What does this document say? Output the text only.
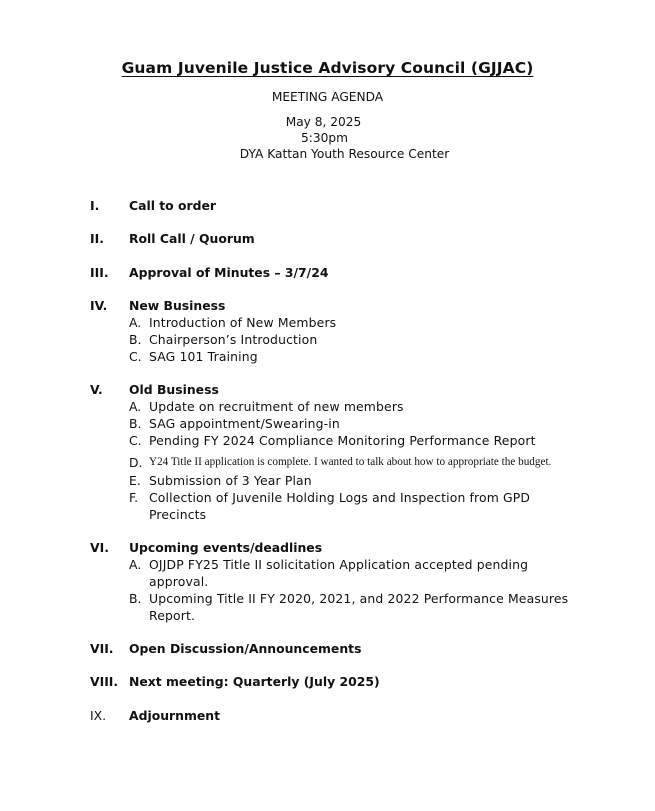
Guam Juvenile Justice Advisory Council (GJJAC)
MEETING AGENDA
May 8, 2025
5:30pm
DYA Kattan Youth Resource Center
I. Call to order
II. Roll Call / Quorum
III. Approval of Minutes – 3/7/24
IV. New Business
A. Introduction of New Members
B. Chairperson’s Introduction
C. SAG 101 Training
V. Old Business
A. Update on recruitment of new members
B. SAG appointment/Swearing-in
C. Pending FY 2024 Compliance Monitoring Performance Report
D. Y24 Title II application is complete. I wanted to talk about how to appropriate the budget.
E. Submission of 3 Year Plan
F. Collection of Juvenile Holding Logs and Inspection from GPD
Precincts
VI. Upcoming events/deadlines
A. OJJDP FY25 Title II solicitation Application accepted pending
approval.
B. Upcoming Title II FY 2020, 2021, and 2022 Performance Measures
Report.
VII. Open Discussion/Announcements
VIII. Next meeting: Quarterly (July 2025)
IX. Adjournment
